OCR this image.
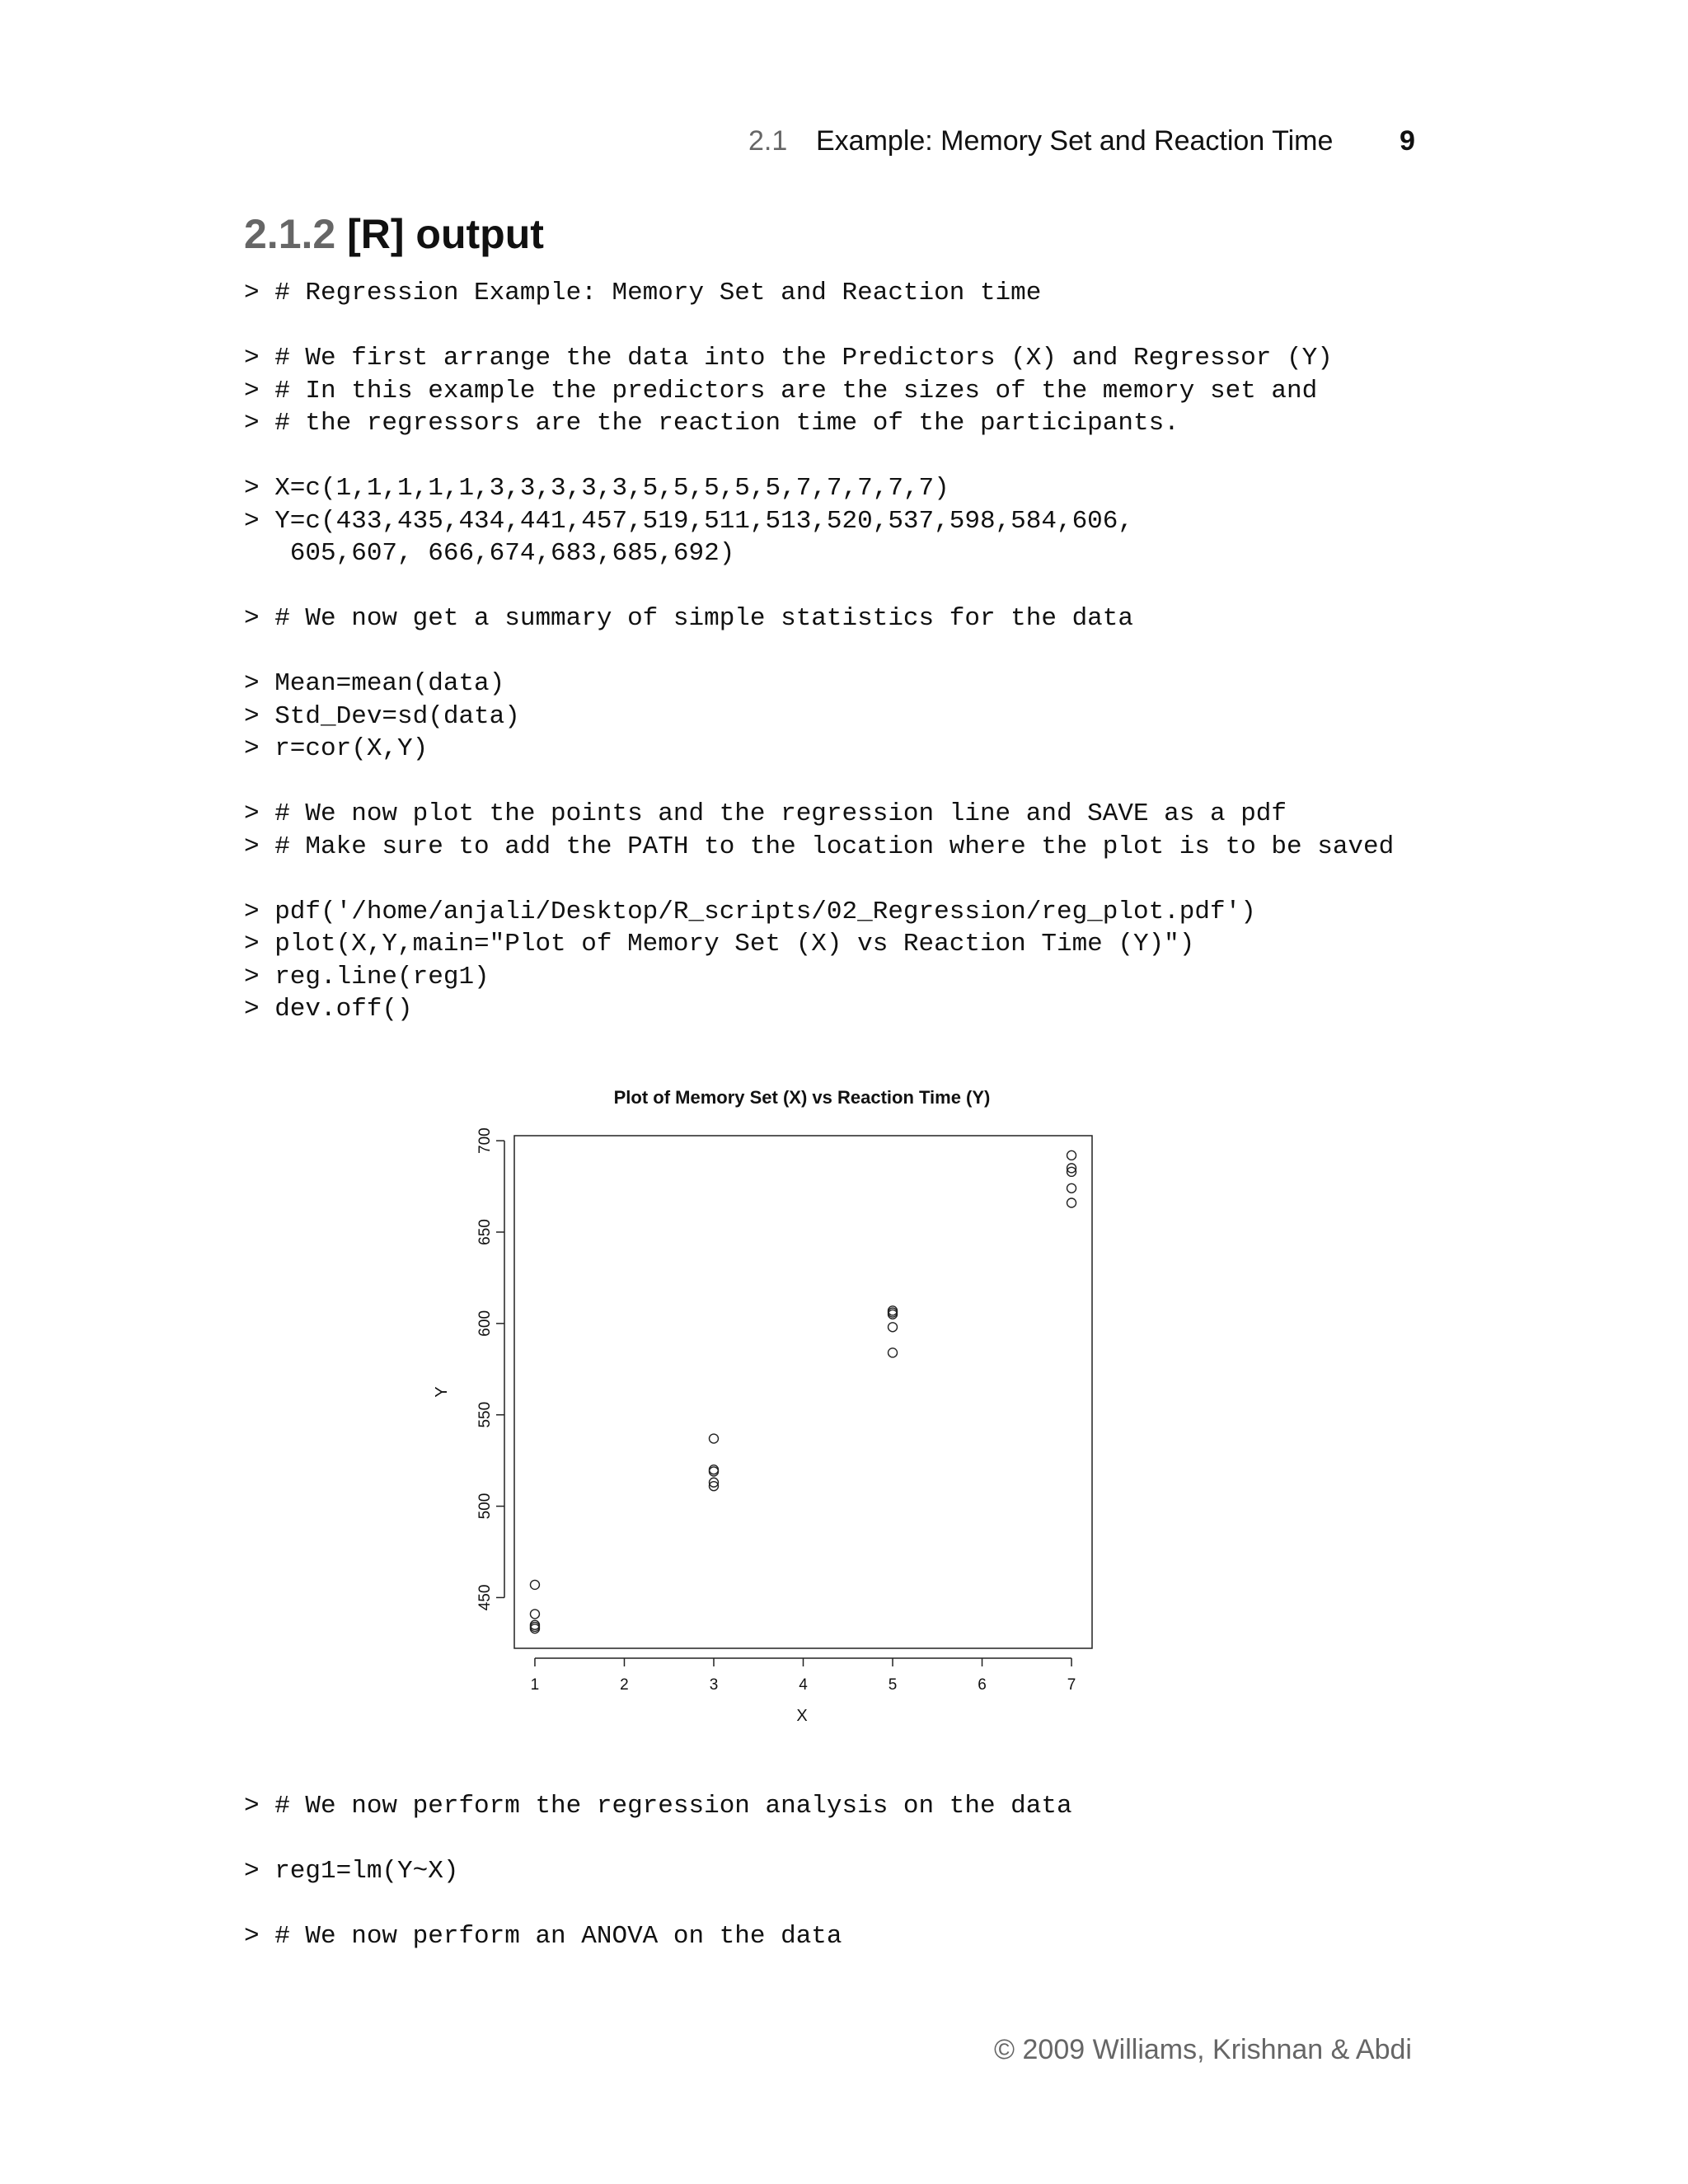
2.1 Example: Memory Set and Reaction Time 9
2.1.2 [R] output
> # Regression Example: Memory Set and Reaction time
> # We first arrange the data into the Predictors (X) and Regressor (Y)
> # In this example the predictors are the sizes of the memory set and
> # the regressors are the reaction time of the participants.
> X=c(1,1,1,1,1,3,3,3,3,3,5,5,5,5,5,7,7,7,7,7)
> Y=c(433,435,434,441,457,519,511,513,520,537,598,584,606,
605,607, 666,674,683,685,692)
> # We now get a summary of simple statistics for the data
> Mean=mean(data)
> Std_Dev=sd(data)
> r=cor(X,Y)
> # We now plot the points and the regression line and SAVE as a pdf
> # Make sure to add the PATH to the location where the plot is to be saved
> pdf('/home/anjali/Desktop/R_scripts/02_Regression/reg_plot.pdf')
> plot(X,Y,main="Plot of Memory Set (X) vs Reaction Time (Y)")
> reg.line(reg1)
> dev.off()
Plot of Memory Set (X) vs Reaction Time (Y)
450
500
550
600
650
700
1	2	3	4	5	6	7
X
Y
> # We now perform the regression analysis on the data
> reg1=lm(Y~X)
> # We now perform an ANOVA on the data
© 2009 Williams, Krishnan & Abdi
